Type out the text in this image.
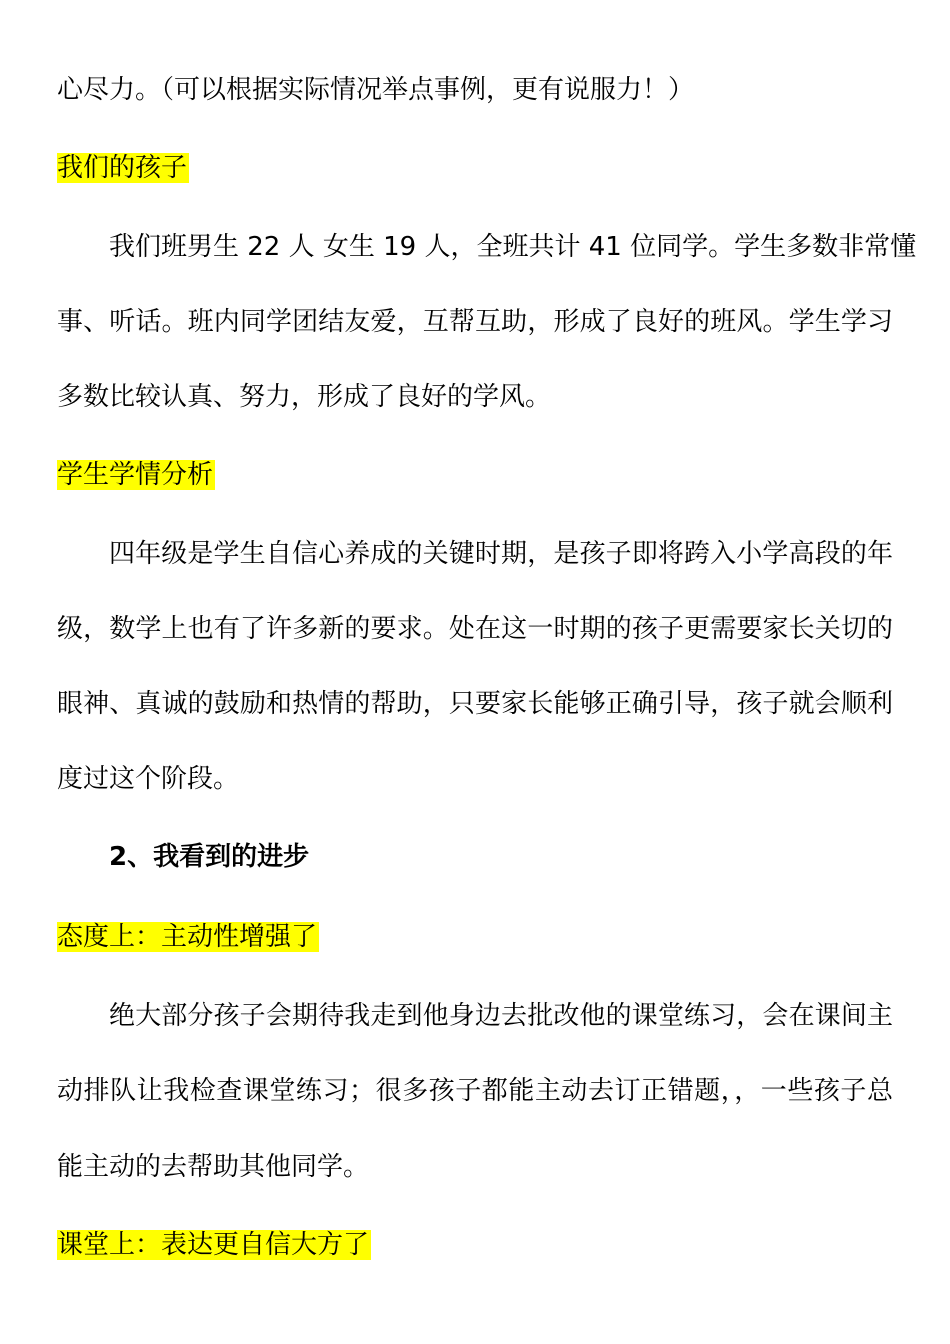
心尽力。（可以根据实际情况举点事例，更有说服力！）
我们的孩子
我们班男生 22 人 女生 19 人，全班共计 41 位同学。学生多数非常懂
事、听话。班内同学团结友爱，互帮互助，形成了良好的班风。学生学习
多数比较认真、努力，形成了良好的学风。
学生学情分析
四年级是学生自信心养成的关键时期，是孩子即将跨入小学高段的年
级，数学上也有了许多新的要求。处在这一时期的孩子更需要家长关切的
眼神、真诚的鼓励和热情的帮助，只要家长能够正确引导，孩子就会顺利
度过这个阶段。
2、我看到的进步
态度上：主动性增强了
绝大部分孩子会期待我走到他身边去批改他的课堂练习，会在课间主
动排队让我检查课堂练习；很多孩子都能主动去订正错题，，一些孩子总
能主动的去帮助其他同学。
课堂上：表达更自信大方了
